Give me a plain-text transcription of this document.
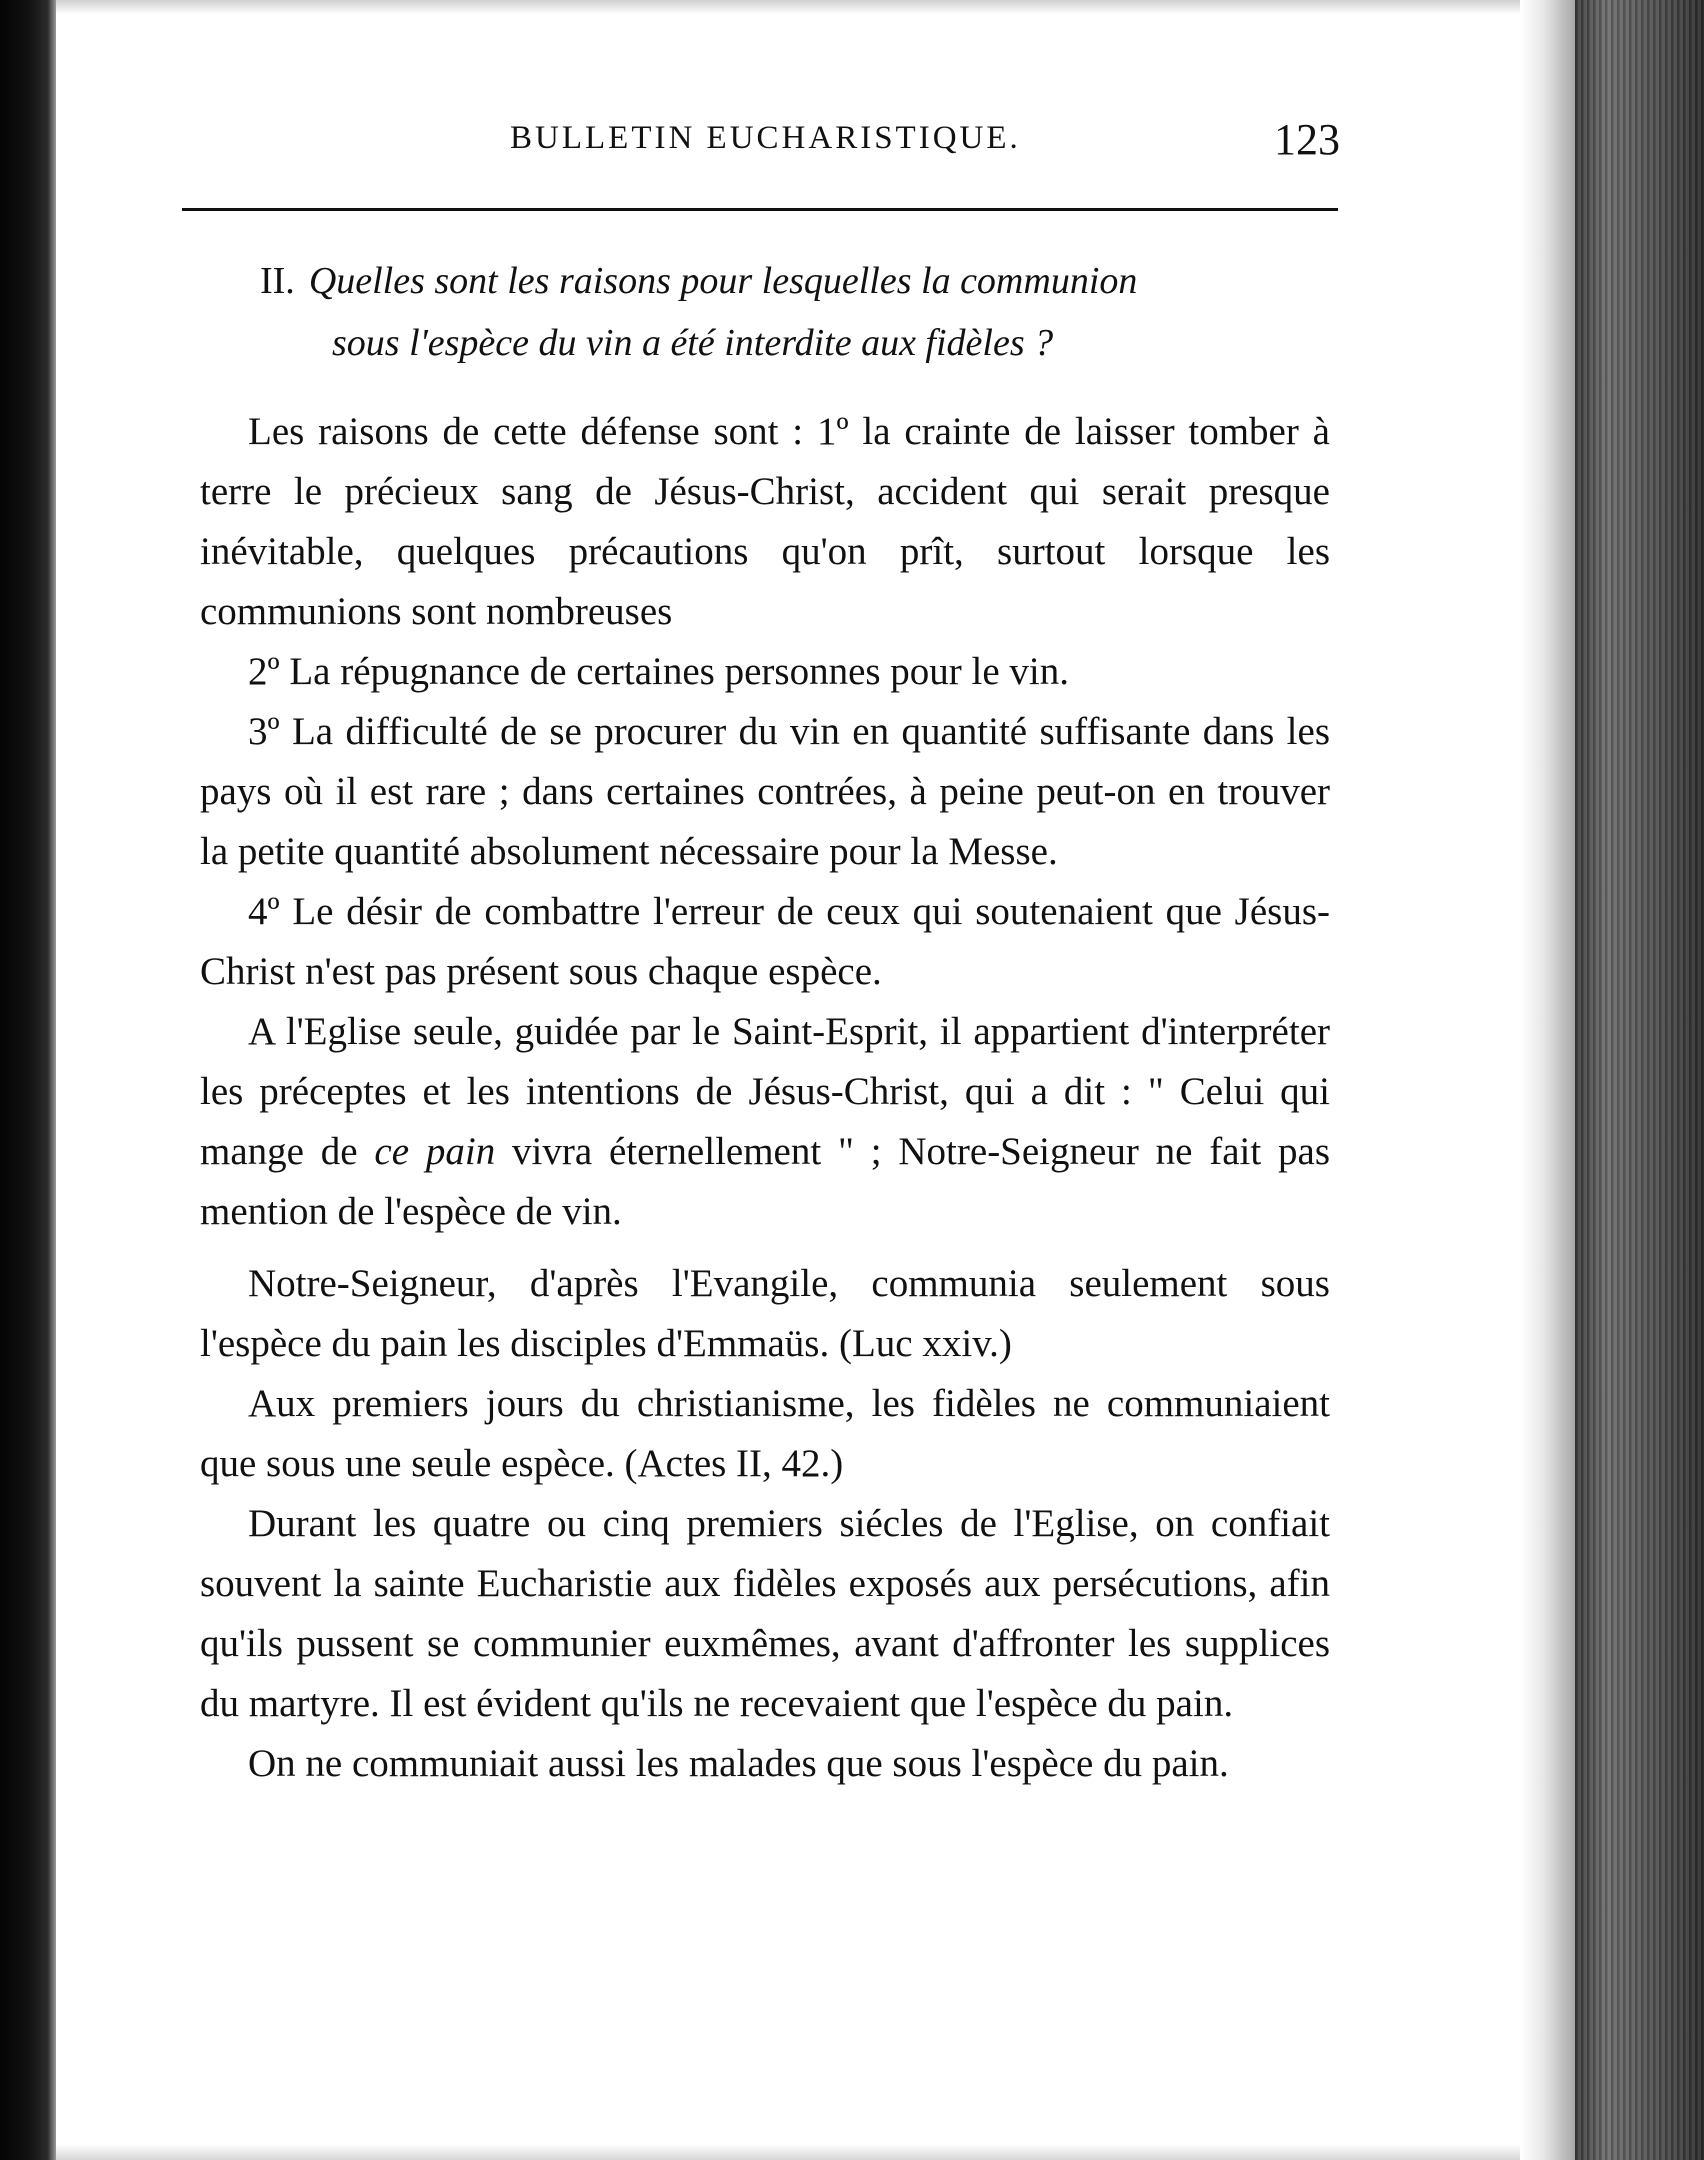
BULLETIN EUCHARISTIQUE.	123
II. Quelles sont les raisons pour lesquelles la communion
sous l'espèce du vin a été interdite aux fidèles ?

Les raisons de cette défense sont : 1º la crainte de laisser tomber à terre le précieux sang de Jésus-Christ, accident qui serait presque inévitable, quelques précautions qu'on prît, surtout lorsque les communions sont nombreuses

2º La répugnance de certaines personnes pour le vin.

3º La difficulté de se procurer du vin en quantité suffisante dans les pays où il est rare ; dans certaines contrées, à peine peut-on en trouver la petite quantité absolument nécessaire pour la Messe.

4º Le désir de combattre l'erreur de ceux qui soutenaient que Jésus-Christ n'est pas présent sous chaque espèce.

A l'Eglise seule, guidée par le Saint-Esprit, il appartient d'interpréter les préceptes et les intentions de Jésus-Christ, qui a dit : " Celui qui mange de ce pain vivra éternellement " ; Notre-Seigneur ne fait pas mention de l'espèce de vin.

Notre-Seigneur, d'après l'Evangile, communia seulement sous l'espèce du pain les disciples d'Emmaüs. (Luc xxiv.)

Aux premiers jours du christianisme, les fidèles ne communiaient que sous une seule espèce. (Actes II, 42.)

Durant les quatre ou cinq premiers siécles de l'Eglise, on confiait souvent la sainte Eucharistie aux fidèles exposés aux persécutions, afin qu'ils pussent se communier euxmêmes, avant d'affronter les supplices du martyre. Il est évident qu'ils ne recevaient que l'espèce du pain.

On ne communiait aussi les malades que sous l'espèce du pain.
